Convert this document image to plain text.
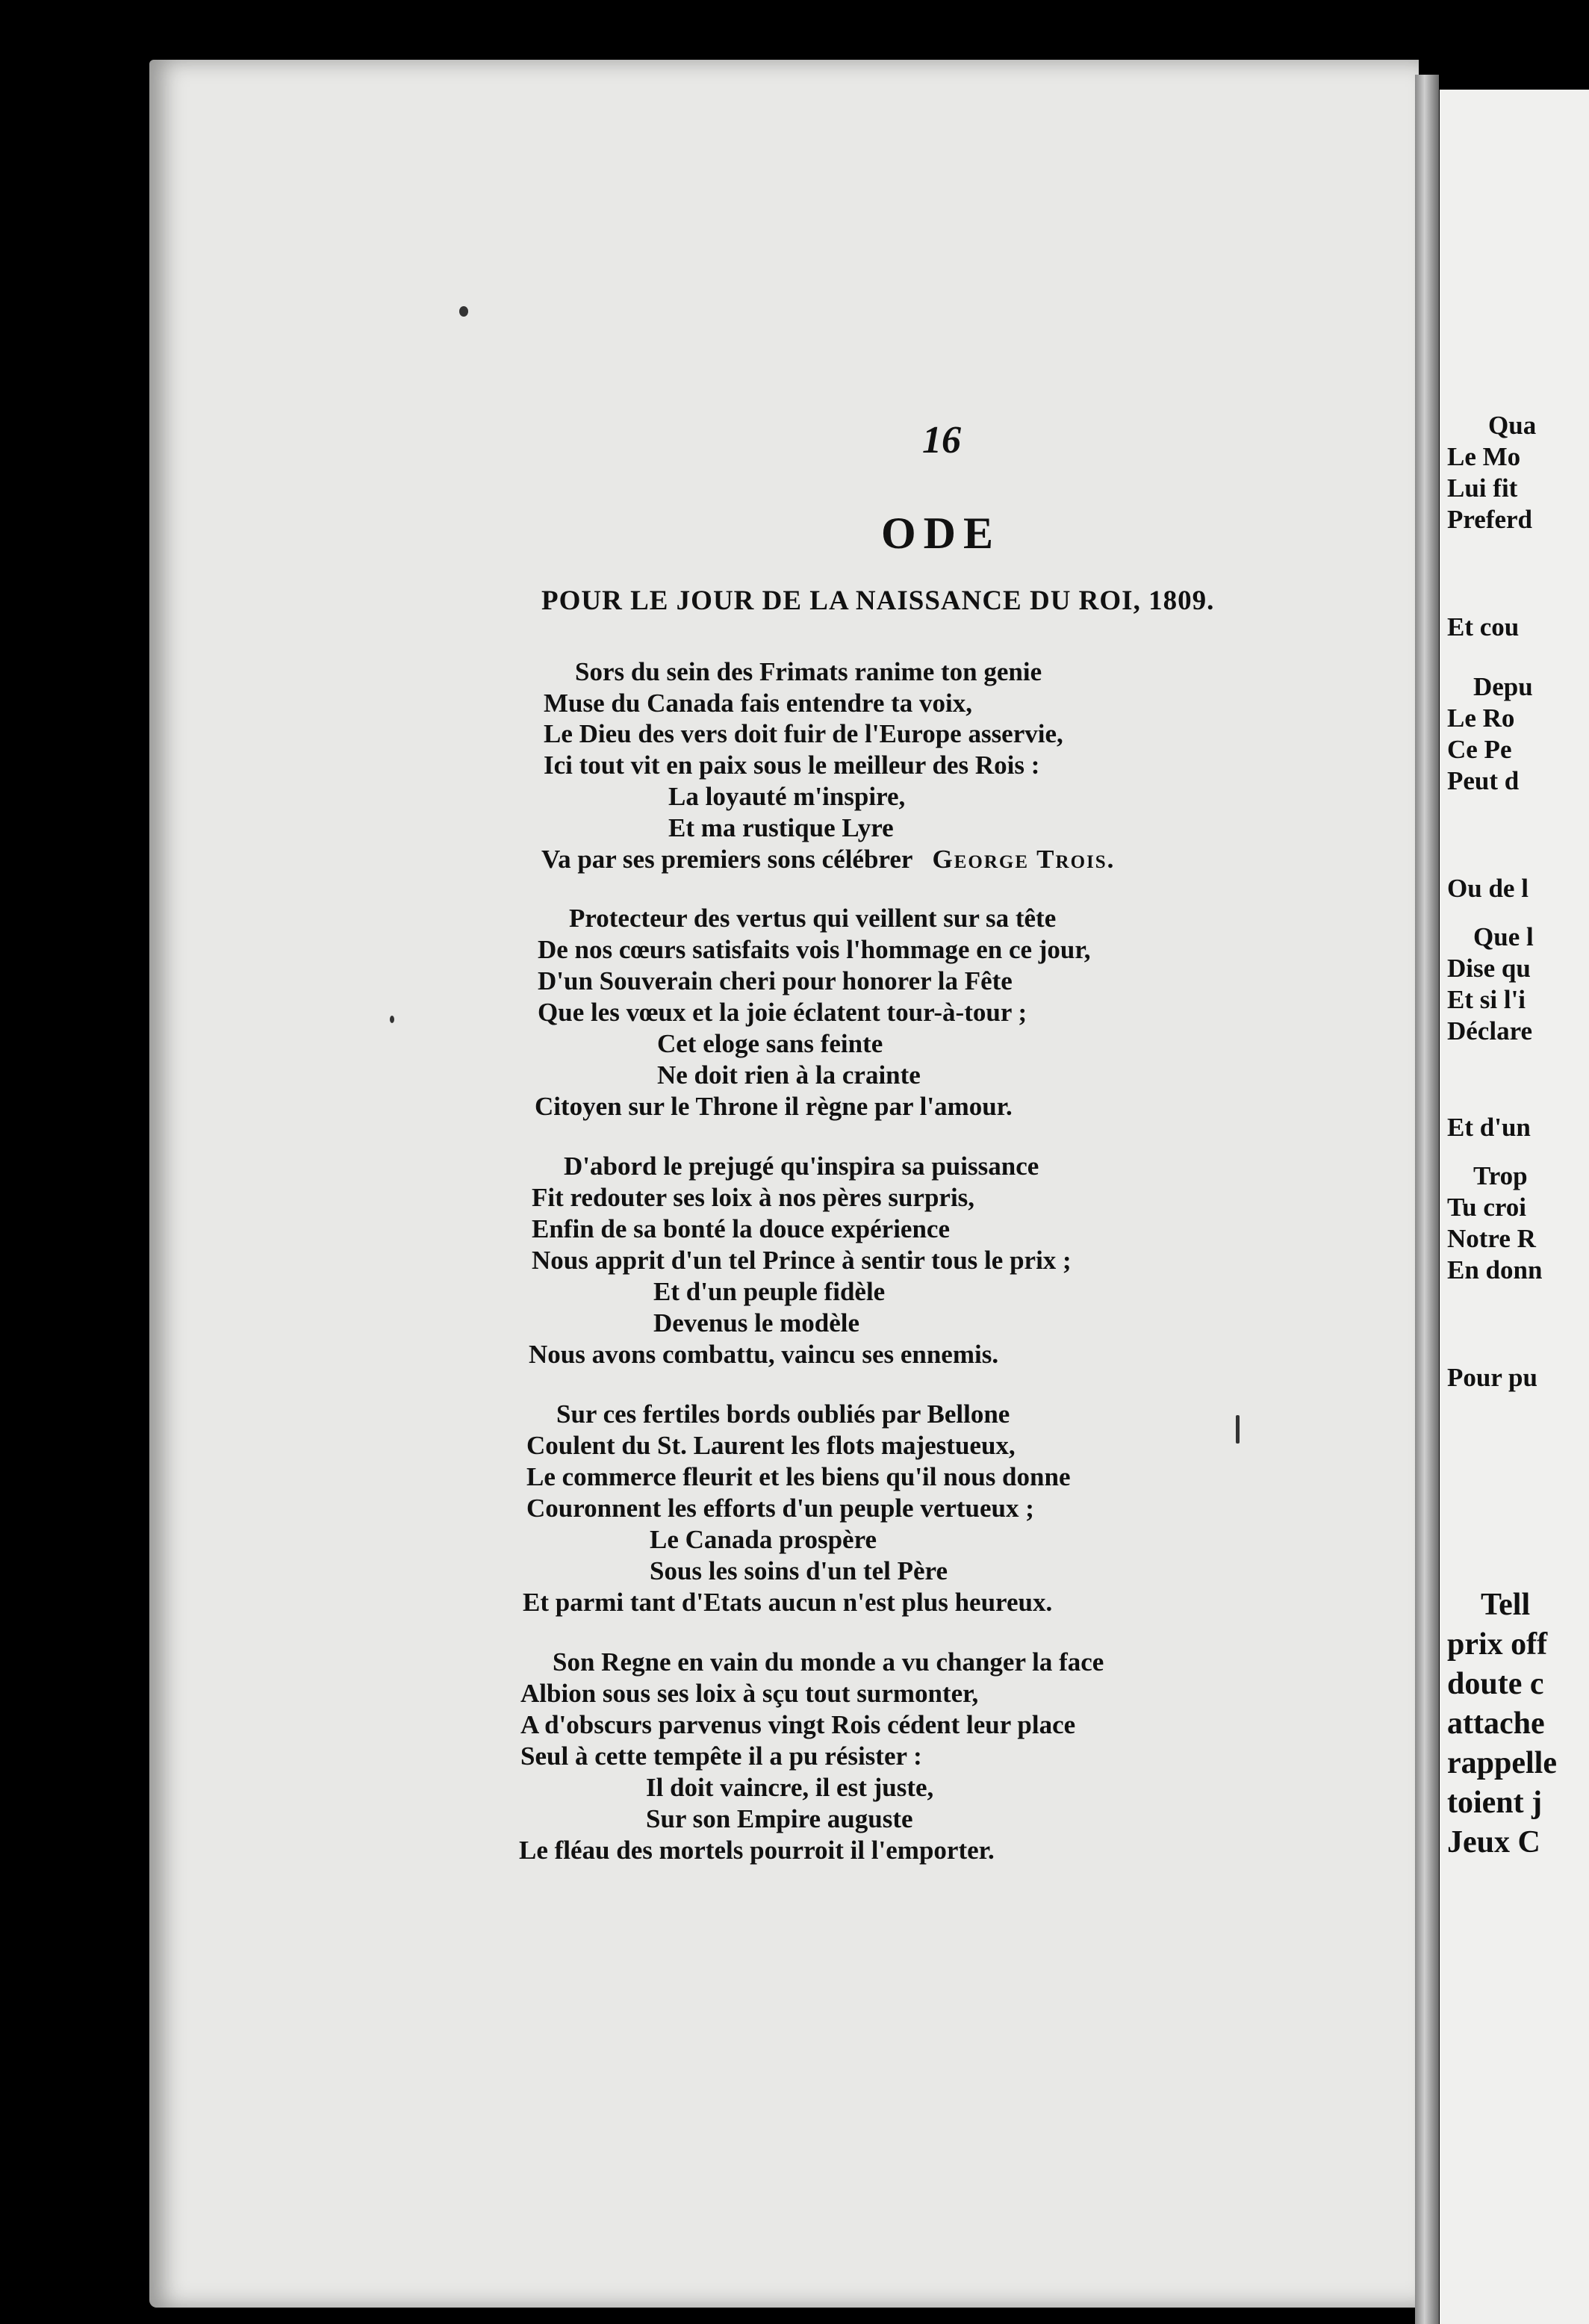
Qua
Le Mo
Lui fit
Preferd
Et cou
Depu
Le Ro
Ce Pe
Peut d
Ou de l
Que l
Dise qu
Et si l'i
Déclare
Et d'un
Trop
Tu croi
Notre R
En donn
Pour pu
Tell
prix off
doute c
attache
rappelle
toient j
Jeux C
16
ODE
POUR LE JOUR DE LA NAISSANCE DU ROI, 1809.
Sors du sein des Frimats ranime ton genie
Muse du Canada fais entendre ta voix,
Le Dieu des vers doit fuir de l'Europe asservie,
Ici tout vit en paix sous le meilleur des Rois :
La loyauté m'inspire,
Et ma rustique Lyre
Va par ses premiers sons célébrer George Trois.
Protecteur des vertus qui veillent sur sa tête
De nos cœurs satisfaits vois l'hommage en ce jour,
D'un Souverain cheri pour honorer la Fête
Que les vœux et la joie éclatent tour-à-tour ;
Cet eloge sans feinte
Ne doit rien à la crainte
Citoyen sur le Throne il règne par l'amour.
D'abord le prejugé qu'inspira sa puissance
Fit redouter ses loix à nos pères surpris,
Enfin de sa bonté la douce expérience
Nous apprit d'un tel Prince à sentir tous le prix ;
Et d'un peuple fidèle
Devenus le modèle
Nous avons combattu, vaincu ses ennemis.
Sur ces fertiles bords oubliés par Bellone
Coulent du St. Laurent les flots majestueux,
Le commerce fleurit et les biens qu'il nous donne
Couronnent les efforts d'un peuple vertueux ;
Le Canada prospère
Sous les soins d'un tel Père
Et parmi tant d'Etats aucun n'est plus heureux.
Son Regne en vain du monde a vu changer la face
Albion sous ses loix à sçu tout surmonter,
A d'obscurs parvenus vingt Rois cédent leur place
Seul à cette tempête il a pu résister :
Il doit vaincre, il est juste,
Sur son Empire auguste
Le fléau des mortels pourroit il l'emporter.
